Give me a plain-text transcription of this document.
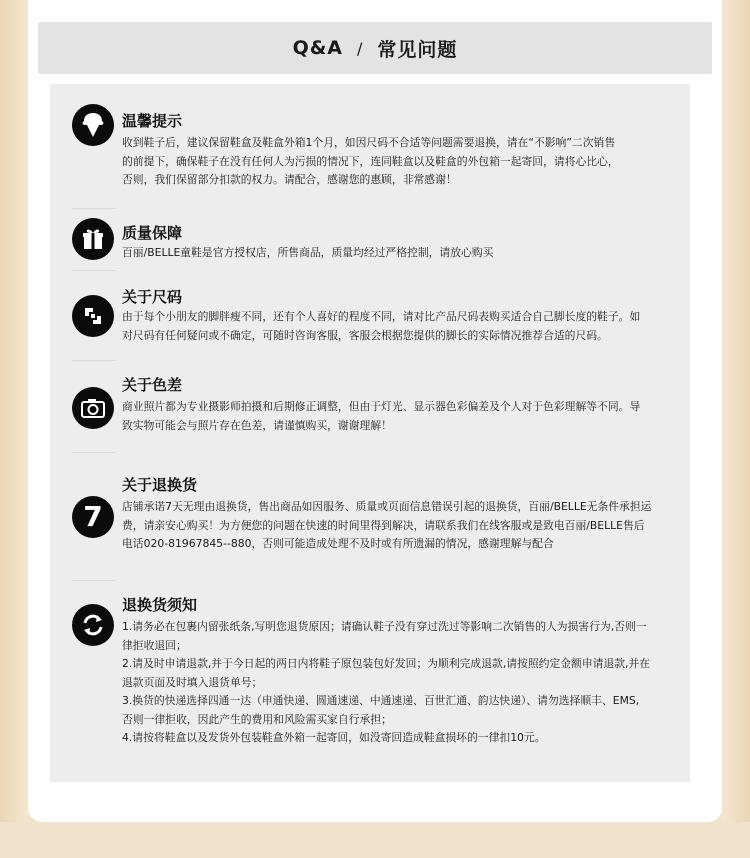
Q&A / 常见问题
温馨提示

收到鞋子后，建议保留鞋盒及鞋盒外箱1个月，如因尺码不合适等问题需要退换，请在“不影响”二次销售

的前提下，确保鞋子在没有任何人为污损的情况下，连同鞋盒以及鞋盒的外包箱一起寄回，请将心比心，

否则，我们保留部分扣款的权力。请配合，感谢您的惠顾，非常感谢！

质量保障

百丽/BELLE童鞋是官方授权店，所售商品，质量均经过严格控制，请放心购买

关于尺码

由于每个小朋友的脚胖瘦不同，还有个人喜好的程度不同，请对比产品尺码表购买适合自己脚长度的鞋子。如

对尺码有任何疑问或不确定，可随时咨询客服，客服会根据您提供的脚长的实际情况推荐合适的尺码。

关于色差

商业照片都为专业摄影师拍摄和后期修正调整，但由于灯光、显示器色彩偏差及个人对于色彩理解等不同。导

致实物可能会与照片存在色差，请谨慎购买，谢谢理解！

7
关于退换货

店铺承诺7天无理由退换货，售出商品如因服务、质量或页面信息错误引起的退换货，百丽/BELLE无条件承担运

费，请亲安心购买！为方便您的问题在快速的时间里得到解决，请联系我们在线客服或是致电百丽/BELLE售后

电话020-81967845--880，否则可能造成处理不及时或有所遗漏的情况，感谢理解与配合

退换货须知

1.请务必在包裹内留张纸条,写明您退货原因；请确认鞋子没有穿过洗过等影响二次销售的人为损害行为,否则一

律拒收退回；

2.请及时申请退款,并于今日起的两日内将鞋子原包装包好发回；为顺利完成退款,请按照约定金额申请退款,并在

退款页面及时填入退货单号；

3.换货的快递选择四通一达（申通快递、圆通速递、中通速递、百世汇通、韵达快递）、请勿选择顺丰、EMS,

否则一律拒收，因此产生的费用和风险需买家自行承担；

4.请按将鞋盒以及发货外包装鞋盒外箱一起寄回，如没寄回造成鞋盒损坏的一律扣10元。
